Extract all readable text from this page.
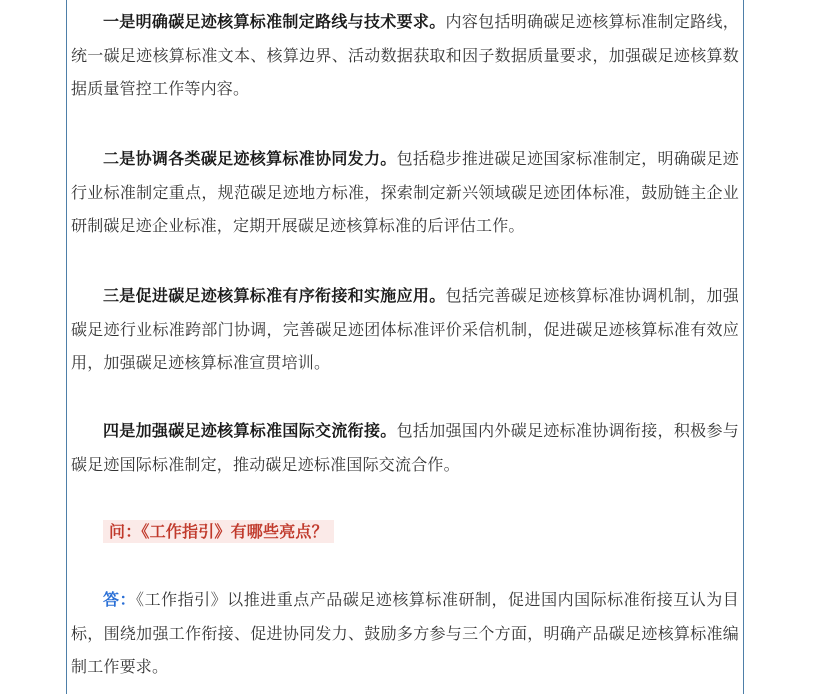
一是明确碳足迹核算标准制定路线与技术要求。内容包括明确碳足迹核算标准制定路线，统一碳足迹核算标准文本、核算边界、活动数据获取和因子数据质量要求，加强碳足迹核算数据质量管控工作等内容。

二是协调各类碳足迹核算标准协同发力。包括稳步推进碳足迹国家标准制定，明确碳足迹行业标准制定重点，规范碳足迹地方标准，探索制定新兴领域碳足迹团体标准，鼓励链主企业研制碳足迹企业标准，定期开展碳足迹核算标准的后评估工作。

三是促进碳足迹核算标准有序衔接和实施应用。包括完善碳足迹核算标准协调机制，加强碳足迹行业标准跨部门协调，完善碳足迹团体标准评价采信机制，促进碳足迹核算标准有效应用，加强碳足迹核算标准宣贯培训。

四是加强碳足迹核算标准国际交流衔接。包括加强国内外碳足迹标准协调衔接，积极参与碳足迹国际标准制定，推动碳足迹标准国际交流合作。

问：《工作指引》有哪些亮点？

答：《工作指引》以推进重点产品碳足迹核算标准研制，促进国内国际标准衔接互认为目标，围绕加强工作衔接、促进协同发力、鼓励多方参与三个方面，明确产品碳足迹核算标准编制工作要求。
